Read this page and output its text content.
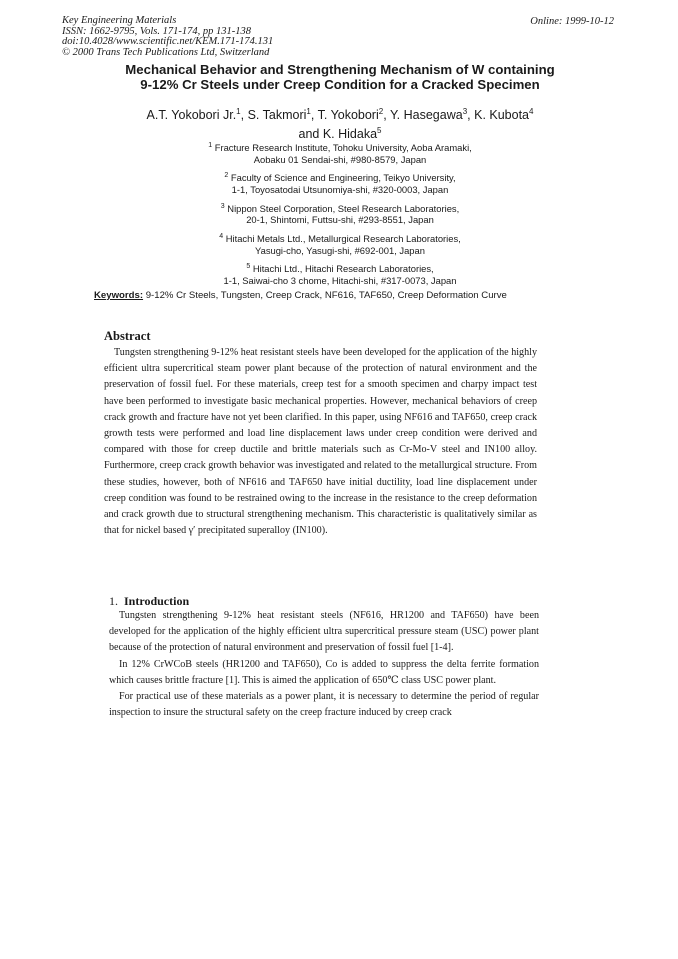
Key Engineering Materials
ISSN: 1662-9795, Vols. 171-174, pp 131-138
doi:10.4028/www.scientific.net/KEM.171-174.131
© 2000 Trans Tech Publications Ltd, Switzerland
Online: 1999-10-12
Mechanical Behavior and Strengthening Mechanism of W containing
9-12% Cr Steels under Creep Condition for a Cracked Specimen
A.T. Yokobori Jr.$^1$, S. Takmori$^1$, T. Yokobori$^2$, Y. Hasegawa$^3$, K. Kubota$^4$
and K. Hidaka$^5$
$^1$ Fracture Research Institute, Tohoku University, Aoba Aramaki,
Aobaku 01 Sendai-shi, #980-8579, Japan
$^2$ Faculty of Science and Engineering, Teikyo University,
1-1, Toyosatodai Utsunomiya-shi, #320-0003, Japan
$^3$ Nippon Steel Corporation, Steel Research Laboratories,
20-1, Shintomi, Futtsu-shi, #293-8551, Japan
$^4$ Hitachi Metals Ltd., Metallurgical Research Laboratories,
Yasugi-cho, Yasugi-shi, #692-001, Japan
$^5$ Hitachi Ltd., Hitachi Research Laboratories,
1-1, Saiwai-cho 3 chome, Hitachi-shi, #317-0073, Japan
Keywords: 9-12% Cr Steels, Tungsten, Creep Crack, NF616, TAF650, Creep Deformation Curve
Abstract
Tungsten strengthening 9-12% heat resistant steels have been developed for the application of the highly efficient ultra supercritical steam power plant because of the protection of natural environment and the preservation of fossil fuel. For these materials, creep test for a smooth specimen and charpy impact test have been performed to investigate basic mechanical properties. However, mechanical behaviors of creep crack growth and fracture have not yet been clarified. In this paper, using NF616 and TAF650, creep crack growth tests were performed and load line displacement laws under creep condition were derived and compared with those for creep ductile and brittle materials such as Cr-Mo-V steel and IN100 alloy. Furthermore, creep crack growth behavior was investigated and related to the metallurgical structure. From these studies, however, both of NF616 and TAF650 have initial ductility, load line displacement under creep condition was found to be restrained owing to the increase in the resistance to the creep deformation and crack growth due to structural strengthening mechanism. This characteristic is qualitatively similar as that for nickel based γ′ precipitated superalloy (IN100).
1. Introduction

Tungsten strengthening 9-12% heat resistant steels (NF616, HR1200 and TAF650) have been developed for the application of the highly efficient ultra supercritical pressure steam (USC) power plant because of the protection of natural environment and preservation of fossil fuel [1-4].

In 12% CrWCoB steels (HR1200 and TAF650), Co is added to suppress the delta ferrite formation which causes brittle fracture [1]. This is aimed the application of 650℃ class USC power plant.

For practical use of these materials as a power plant, it is necessary to determine the period of regular inspection to insure the structural safety on the creep fracture induced by creep crack
